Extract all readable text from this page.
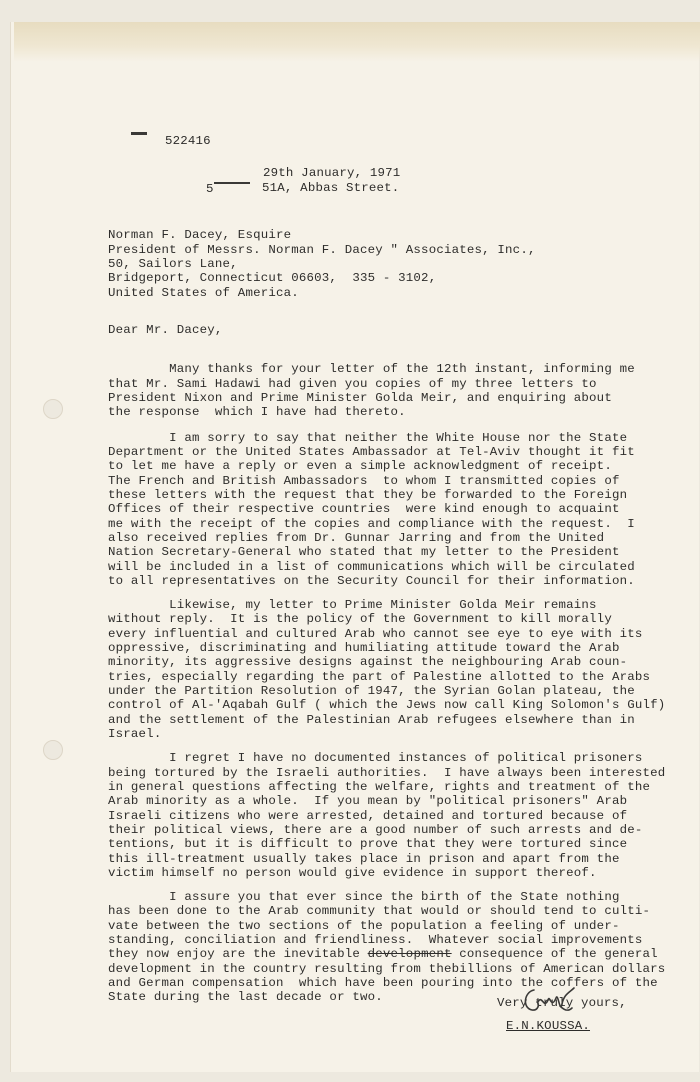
522416
29th January, 1971
5	51A, Abbas Street.
Norman F. Dacey, Esquire
President of Messrs. Norman F. Dacey " Associates, Inc.,
50, Sailors Lane,
Bridgeport, Connecticut 06603,  335 - 3102,
United States of America.
Dear Mr. Dacey,
Many thanks for your letter of the 12th instant, informing me
that Mr. Sami Hadawi had given you copies of my three letters to
President Nixon and Prime Minister Golda Meir, and enquiring about
the response  which I have had thereto.
I am sorry to say that neither the White House nor the State
Department or the United States Ambassador at Tel-Aviv thought it fit
to let me have a reply or even a simple acknowledgment of receipt.
The French and British Ambassadors  to whom I transmitted copies of
these letters with the request that they be forwarded to the Foreign
Offices of their respective countries  were kind enough to acquaint
me with the receipt of the copies and compliance with the request.  I
also received replies from Dr. Gunnar Jarring and from the United
Nation Secretary-General who stated that my letter to the President
will be included in a list of communications which will be circulated
to all representatives on the Security Council for their information.
Likewise, my letter to Prime Minister Golda Meir remains
without reply.  It is the policy of the Government to kill morally
every influential and cultured Arab who cannot see eye to eye with its
oppressive, discriminating and humiliating attitude toward the Arab
minority, its aggressive designs against the neighbouring Arab coun-
tries, especially regarding the part of Palestine allotted to the Arabs
under the Partition Resolution of 1947, the Syrian Golan plateau, the
control of Al-'Aqabah Gulf ( which the Jews now call King Solomon's Gulf)
and the settlement of the Palestinian Arab refugees elsewhere than in
Israel.
I regret I have no documented instances of political prisoners
being tortured by the Israeli authorities.  I have always been interested
in general questions affecting the welfare, rights and treatment of the
Arab minority as a whole.  If you mean by "political prisoners" Arab
Israeli citizens who were arrested, detained and tortured because of
their political views, there are a good number of such arrests and de-
tentions, but it is difficult to prove that they were tortured since
this ill-treatment usually takes place in prison and apart from the
victim himself no person would give evidence in support thereof.
I assure you that ever since the birth of the State nothing
has been done to the Arab community that would or should tend to culti-
vate between the two sections of the population a feeling of under-
standing, conciliation and friendliness.  Whatever social improvements
they now enjoy are the inevitable development consequence of the general
development in the country resulting from thebillions of American dollars
and German compensation  which have been pouring into the coffers of the
State during the last decade or two.	Very truly yours,
E.N.KOUSSA.
